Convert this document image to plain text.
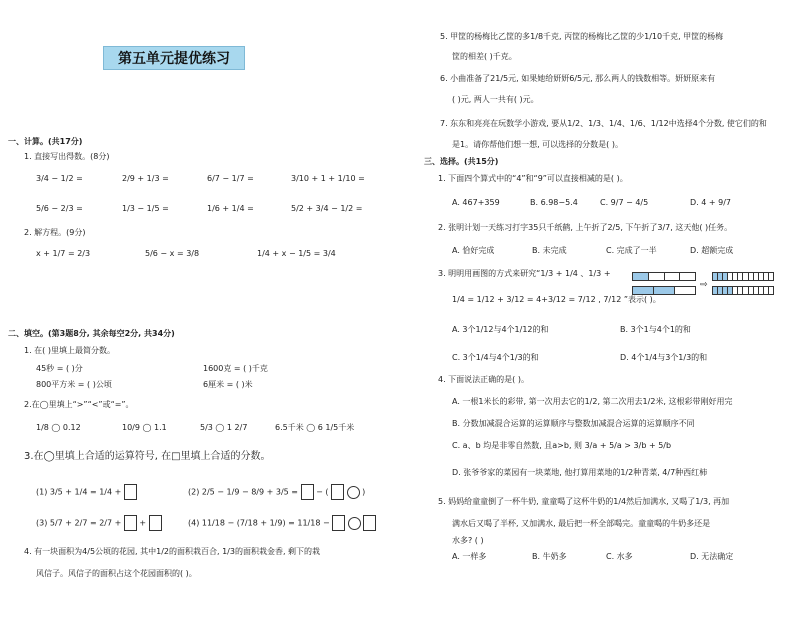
第五单元提优练习
一、计算。(共17分)
1. 直接写出得数。(8分)
3/4 − 1/2 =	2/9 + 1/3 =	6/7 − 1/7 =	3/10 + 1 + 1/10 =
5/6 − 2/3 =	1/3 − 1/5 =	1/6 + 1/4 =	5/2 + 3/4 − 1/2 =
2. 解方程。(9分)
x + 1/7 = 2/3	5/6 − x = 3/8	1/4 + x − 1/5 = 3/4
二、填空。(第3题8分, 其余每空2分, 共34分)
1. 在( )里填上最简分数。
45秒 = ( )分	1600克 = ( )千克
800平方米 = ( )公顷	6厘米 = ( )米
2.在◯里填上“>”“<”或“=”。
1/8 ◯ 0.12	10/9 ◯ 1.1	5/3 ◯ 1 2/7	6.5千米 ◯ 6 1/5千米
3.在◯里填上合适的运算符号, 在□里填上合适的分数。
(1) 3/5 + 1/4 = 1/4 +	(2) 2/5 − 1/9 − 8/9 + 3/5 = − (	)
(3) 5/7 + 2/7 = 2/7 + +	(4) 11/18 − (7/18 + 1/9) = 11/18 −
4. 有一块面积为4/5公顷的花园, 其中1/2的面积栽百合, 1/3的面积栽金香, 剩下的栽
风信子。风信子的面积占这个花园面积的( )。
5. 甲筐的杨梅比乙筐的多1/8千克, 丙筐的杨梅比乙筐的少1/10千克, 甲筐的杨梅
筐的相差( )千克。
6. 小曲准备了21/5元, 如果她给妍妍6/5元, 那么两人的钱数相等。妍妍原来有
( )元, 两人一共有( )元。
7. 东东和亮亮在玩数学小游戏, 要从1/2、1/3、1/4、1/6、1/12中选择4个分数, 使它们的和
是1。请你帮他们想一想, 可以选择的分数是( )。
三、选择。(共15分)
1. 下面四个算式中的“4”和“9”可以直接相减的是( )。
A. 467+359	B. 6.98−5.4	C. 9/7 − 4/5	D. 4 + 9/7
2. 张明计划一天练习打字35只千纸鹤, 上午折了2/5, 下午折了3/7, 这天他( )任务。
A. 恰好完成	B. 未完成	C. 完成了一半	D. 超额完成
3. 明明用画图的方式来研究“1/3 + 1/4 、1/3 +
⇨
1/4 = 1/12 + 3/12 = 4+3/12 = 7/12 , 7/12 ”表示( )。
A. 3个1/12与4个1/12的和	B. 3个1与4个1的和
C. 3个1/4与4个1/3的和	D. 4个1/4与3个1/3的和
4. 下面说法正确的是( )。
A. 一根1米长的彩带, 第一次用去它的1/2, 第二次用去1/2米, 这根彩带刚好用完
B. 分数加减混合运算的运算顺序与整数加减混合运算的运算顺序不同
C. a、b 均是非零自然数, 且a>b, 则 3/a + 5/a > 3/b + 5/b
D. 张爷爷家的菜园有一块菜地, 他打算用菜地的1/2种青菜, 4/7种西红柿
5. 妈妈给童童倒了一杯牛奶, 童童喝了这杯牛奶的1/4然后加满水, 又喝了1/3, 再加
满水后又喝了半杯, 又加满水, 最后把一杯全部喝完。童童喝的牛奶多还是
水多? ( )
A. 一样多	B. 牛奶多	C. 水多	D. 无法确定
